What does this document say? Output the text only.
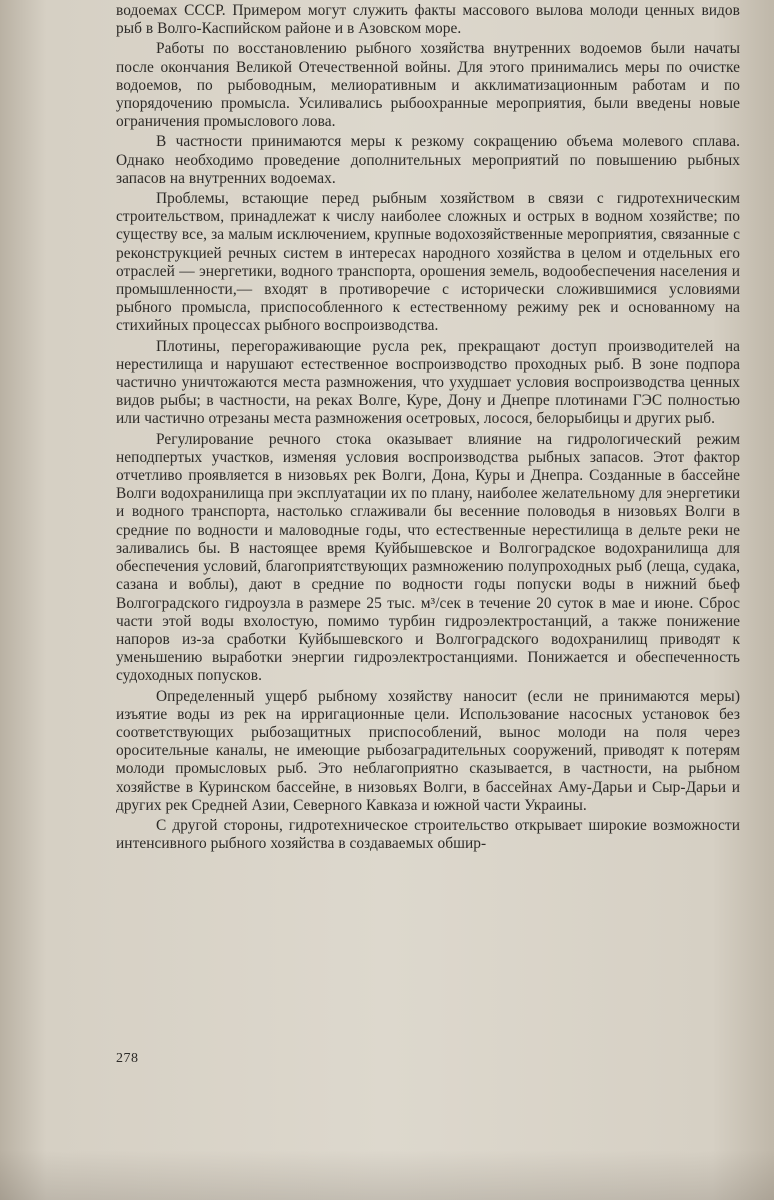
водоемах СССР. Примером могут служить факты массового вылова молоди ценных видов рыб в Волго-Каспийском районе и в Азовском море.

Работы по восстановлению рыбного хозяйства внутренних водоемов были начаты после окончания Великой Отечественной войны. Для этого принимались меры по очистке водоемов, по рыбоводным, мелиоративным и акклиматизационным работам и по упорядочению промысла. Усиливались рыбоохранные мероприятия, были введены новые ограничения промыслового лова.

В частности принимаются меры к резкому сокращению объема молевого сплава. Однако необходимо проведение дополнительных мероприятий по повышению рыбных запасов на внутренних водоемах.

Проблемы, встающие перед рыбным хозяйством в связи с гидротехническим строительством, принадлежат к числу наиболее сложных и острых в водном хозяйстве; по существу все, за малым исключением, крупные водохозяйственные мероприятия, связанные с реконструкцией речных систем в интересах народного хозяйства в целом и отдельных его отраслей — энергетики, водного транспорта, орошения земель, водообеспечения населения и промышленности,— входят в противоречие с исторически сложившимися условиями рыбного промысла, приспособленного к естественному режиму рек и основанному на стихийных процессах рыбного воспроизводства.

Плотины, перегораживающие русла рек, прекращают доступ производителей на нерестилища и нарушают естественное воспроизводство проходных рыб. В зоне подпора частично уничтожаются места размножения, что ухудшает условия воспроизводства ценных видов рыбы; в частности, на реках Волге, Куре, Дону и Днепре плотинами ГЭС полностью или частично отрезаны места размножения осетровых, лосося, белорыбицы и других рыб.

Регулирование речного стока оказывает влияние на гидрологический режим неподпертых участков, изменяя условия воспроизводства рыбных запасов. Этот фактор отчетливо проявляется в низовьях рек Волги, Дона, Куры и Днепра. Созданные в бассейне Волги водохранилища при эксплуатации их по плану, наиболее желательному для энергетики и водного транспорта, настолько сглаживали бы весенние половодья в низовьях Волги в средние по водности и маловодные годы, что естественные нерестилища в дельте реки не заливались бы. В настоящее время Куйбышевское и Волгоградское водохранилища для обеспечения условий, благоприятствующих размножению полупроходных рыб (леща, судака, сазана и воблы), дают в средние по водности годы попуски воды в нижний бьеф Волгоградского гидроузла в размере 25 тыс. м³/сек в течение 20 суток в мае и июне. Сброс части этой воды вхолостую, помимо турбин гидроэлектростанций, а также понижение напоров из-за сработки Куйбышевского и Волгоградского водохранилищ приводят к уменьшению выработки энергии гидроэлектростанциями. Понижается и обеспеченность судоходных попусков.

Определенный ущерб рыбному хозяйству наносит (если не принимаются меры) изъятие воды из рек на ирригационные цели. Использование насосных установок без соответствующих рыбозащитных приспособлений, вынос молоди на поля через оросительные каналы, не имеющие рыбозаградительных сооружений, приводят к потерям молоди промысловых рыб. Это неблагоприятно сказывается, в частности, на рыбном хозяйстве в Куринском бассейне, в низовьях Волги, в бассейнах Аму-Дарьи и Сыр-Дарьи и других рек Средней Азии, Северного Кавказа и южной части Украины.

С другой стороны, гидротехническое строительство открывает широкие возможности интенсивного рыбного хозяйства в создаваемых обшир-

278
